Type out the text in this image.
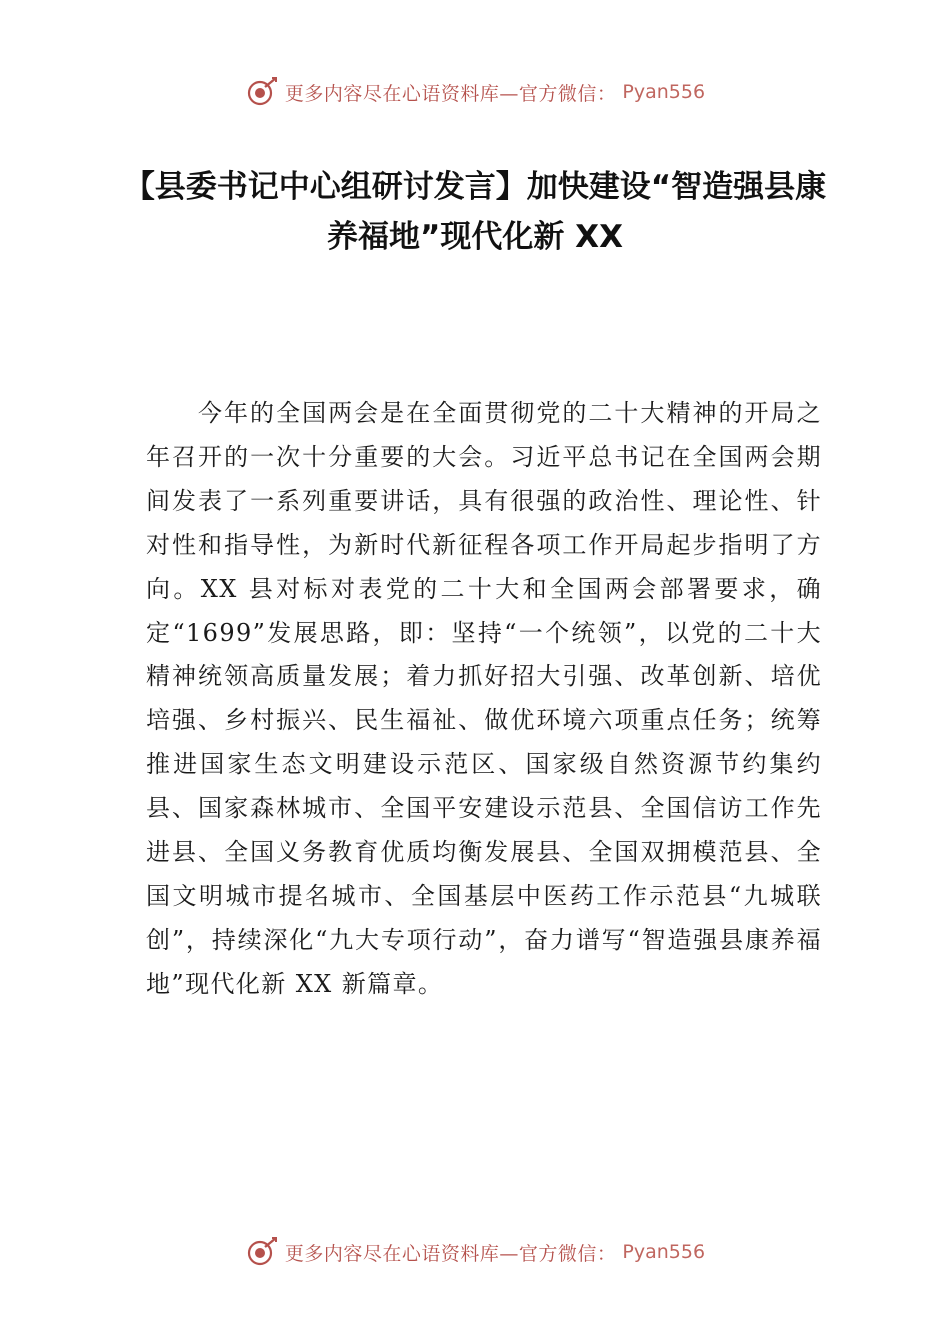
更多内容尽在心语资料库—官方微信： Pyan556
【县委书记中心组研讨发言】加快建设“智造强县康养福地”现代化新 XX

今年的全国两会是在全面贯彻党的二十大精神的开局之年召开的一次十分重要的大会。习近平总书记在全国两会期间发表了一系列重要讲话，具有很强的政治性、理论性、针对性和指导性，为新时代新征程各项工作开局起步指明了方向。XX 县对标对表党的二十大和全国两会部署要求，确定“1699”发展思路，即：坚持“一个统领”，以党的二十大精神统领高质量发展；着力抓好招大引强、改革创新、培优培强、乡村振兴、民生福祉、做优环境六项重点任务；统筹推进国家生态文明建设示范区、国家级自然资源节约集约县、国家森林城市、全国平安建设示范县、全国信访工作先进县、全国义务教育优质均衡发展县、全国双拥模范县、全国文明城市提名城市、全国基层中医药工作示范县“九城联创”，持续深化“九大专项行动”，奋力谱写“智造强县康养福地”现代化新 XX 新篇章。

更多内容尽在心语资料库—官方微信： Pyan556
